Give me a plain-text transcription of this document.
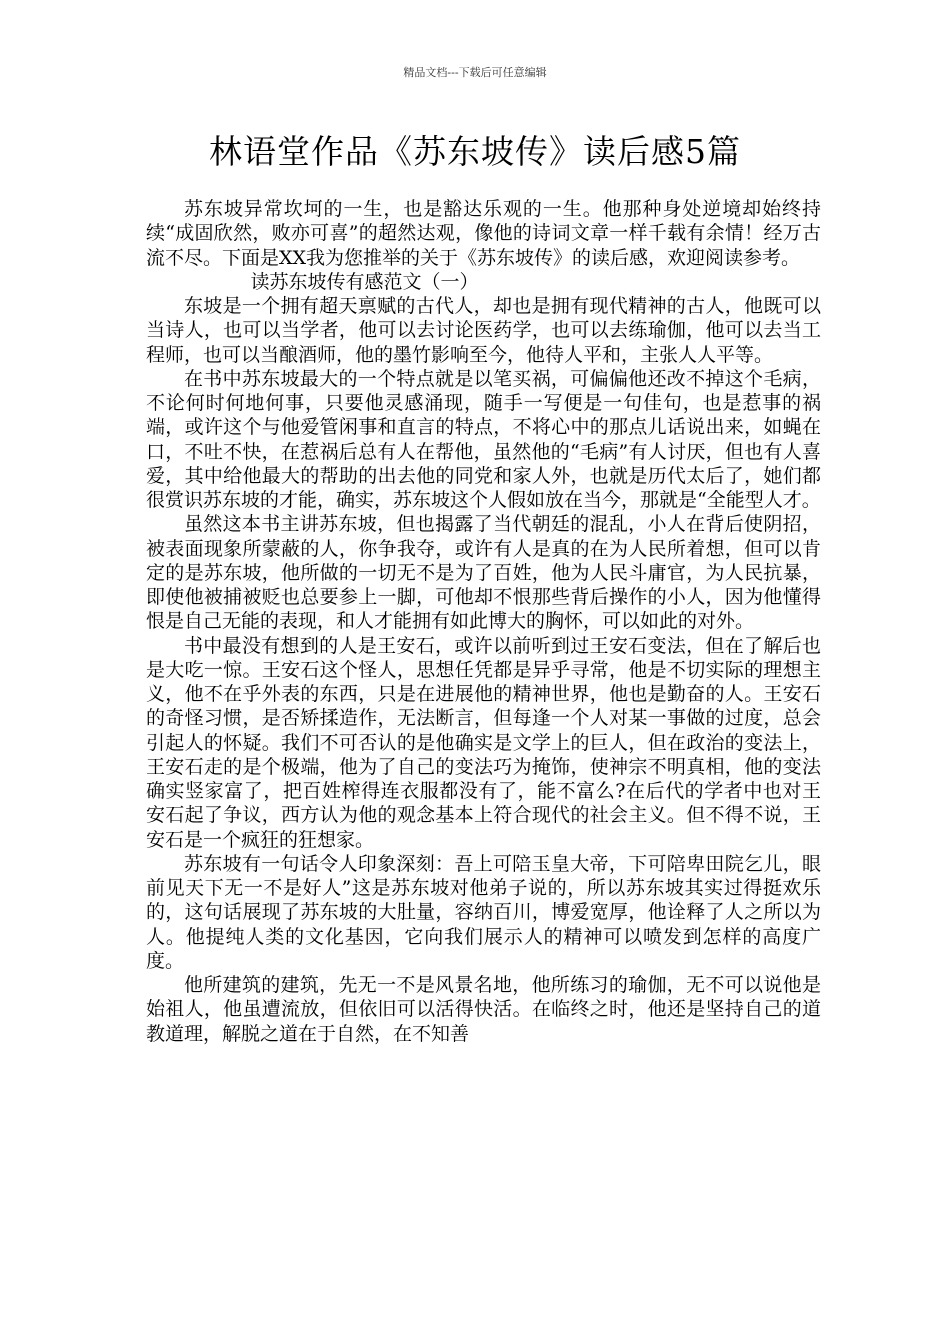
精品文档---下载后可任意编辑
林语堂作品《苏东坡传》读后感5篇

苏东坡异常坎坷的一生，也是豁达乐观的一生。他那种身处逆境却始终持续“成固欣然，败亦可喜”的超然达观，像他的诗词文章一样千载有余情！经万古流不尽。下面是XX我为您推举的关于《苏东坡传》的读后感，欢迎阅读参考。

读苏东坡传有感范文（一）

东坡是一个拥有超天禀赋的古代人，却也是拥有现代精神的古人，他既可以当诗人，也可以当学者，他可以去讨论医药学，也可以去练瑜伽，他可以去当工程师，也可以当酿酒师，他的墨竹影响至今，他待人平和，主张人人平等。

在书中苏东坡最大的一个特点就是以笔买祸，可偏偏他还改不掉这个毛病，不论何时何地何事，只要他灵感涌现，随手一写便是一句佳句，也是惹事的祸端，或许这个与他爱管闲事和直言的特点，不将心中的那点儿话说出来，如蝇在口，不吐不快，在惹祸后总有人在帮他，虽然他的“毛病”有人讨厌，但也有人喜爱，其中给他最大的帮助的出去他的同党和家人外，也就是历代太后了，她们都很赏识苏东坡的才能，确实，苏东坡这个人假如放在当今，那就是“全能型人才。

虽然这本书主讲苏东坡，但也揭露了当代朝廷的混乱，小人在背后使阴招，被表面现象所蒙蔽的人，你争我夺，或许有人是真的在为人民所着想，但可以肯定的是苏东坡，他所做的一切无不是为了百姓，他为人民斗庸官，为人民抗暴，即使他被捕被贬也总要参上一脚，可他却不恨那些背后操作的小人，因为他懂得恨是自己无能的表现，和人才能拥有如此博大的胸怀，可以如此的对外。

书中最没有想到的人是王安石，或许以前听到过王安石变法，但在了解后也是大吃一惊。王安石这个怪人，思想任凭都是异乎寻常，他是不切实际的理想主义，他不在乎外表的东西，只是在进展他的精神世界，他也是勤奋的人。王安石的奇怪习惯，是否矫揉造作，无法断言，但每逢一个人对某一事做的过度，总会引起人的怀疑。我们不可否认的是他确实是文学上的巨人，但在政治的变法上，王安石走的是个极端，他为了自己的变法巧为掩饰，使神宗不明真相，他的变法确实竖家富了，把百姓榨得连衣服都没有了，能不富么?在后代的学者中也对王安石起了争议，西方认为他的观念基本上符合现代的社会主义。但不得不说，王安石是一个疯狂的狂想家。

苏东坡有一句话令人印象深刻：吾上可陪玉皇大帝，下可陪卑田院乞儿，眼前见天下无一不是好人”这是苏东坡对他弟子说的，所以苏东坡其实过得挺欢乐的，这句话展现了苏东坡的大肚量，容纳百川，博爱宽厚，他诠释了人之所以为人。他提纯人类的文化基因，它向我们展示人的精神可以喷发到怎样的高度广度。

他所建筑的建筑，先无一不是风景名地，他所练习的瑜伽，无不可以说他是始祖人，他虽遭流放，但依旧可以活得快活。在临终之时，他还是坚持自己的道教道理，解脱之道在于自然，在不知善
